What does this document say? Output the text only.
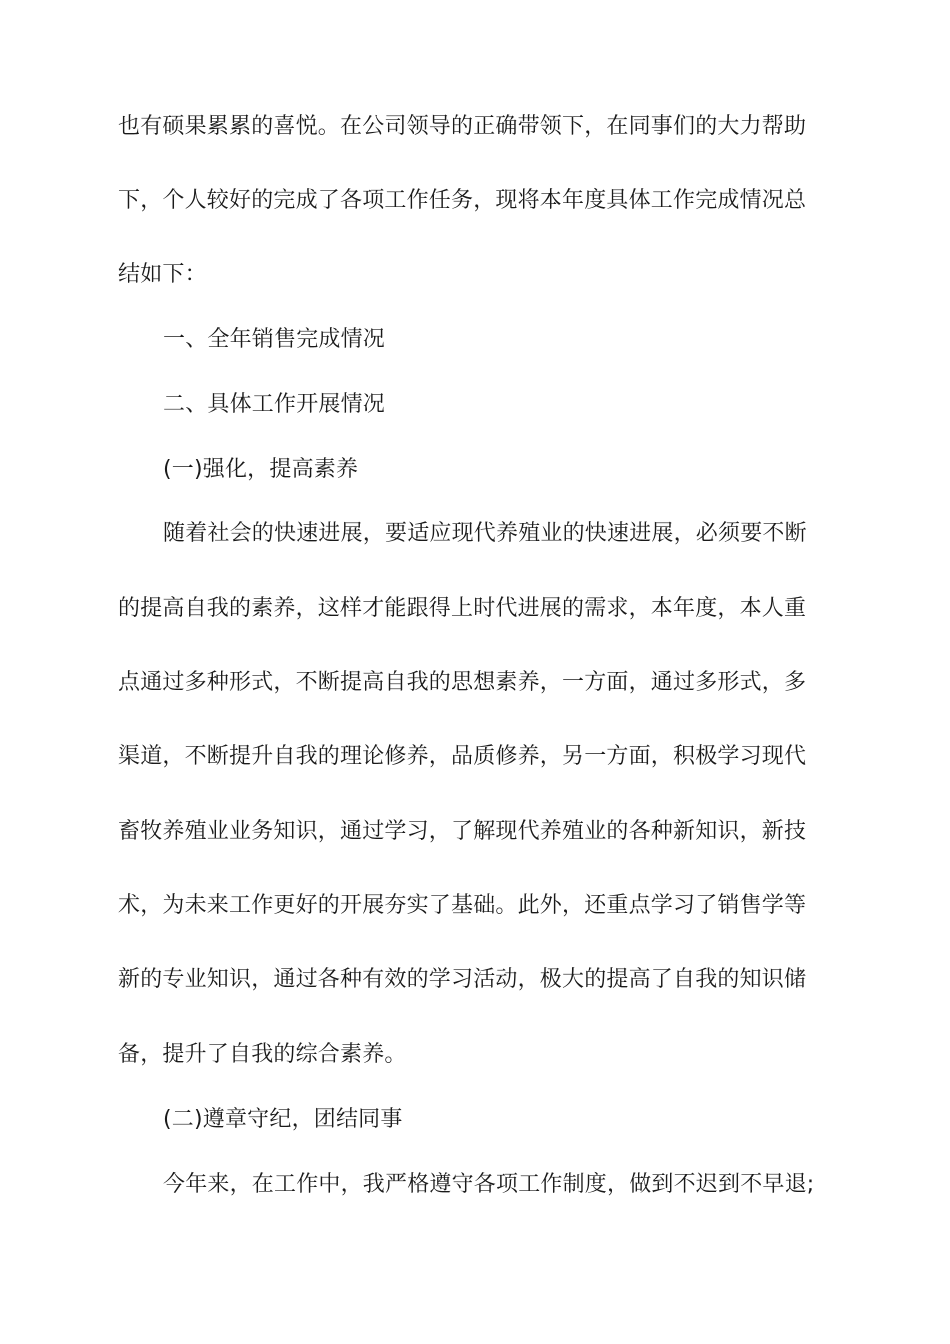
也有硕果累累的喜悦。在公司领导的正确带领下，在同事们的大力帮助
下，个人较好的完成了各项工作任务，现将本年度具体工作完成情况总
结如下：
一、全年销售完成情况
二、具体工作开展情况
(一)强化，提高素养
随着社会的快速进展，要适应现代养殖业的快速进展，必须要不断
的提高自我的素养，这样才能跟得上时代进展的需求，本年度，本人重
点通过多种形式，不断提高自我的思想素养，一方面，通过多形式，多
渠道，不断提升自我的理论修养，品质修养，另一方面，积极学习现代
畜牧养殖业业务知识，通过学习，了解现代养殖业的各种新知识，新技
术，为未来工作更好的开展夯实了基础。此外，还重点学习了销售学等
新的专业知识，通过各种有效的学习活动，极大的提高了自我的知识储
备，提升了自我的综合素养。
(二)遵章守纪，团结同事
今年来，在工作中，我严格遵守各项工作制度，做到不迟到不早退;
